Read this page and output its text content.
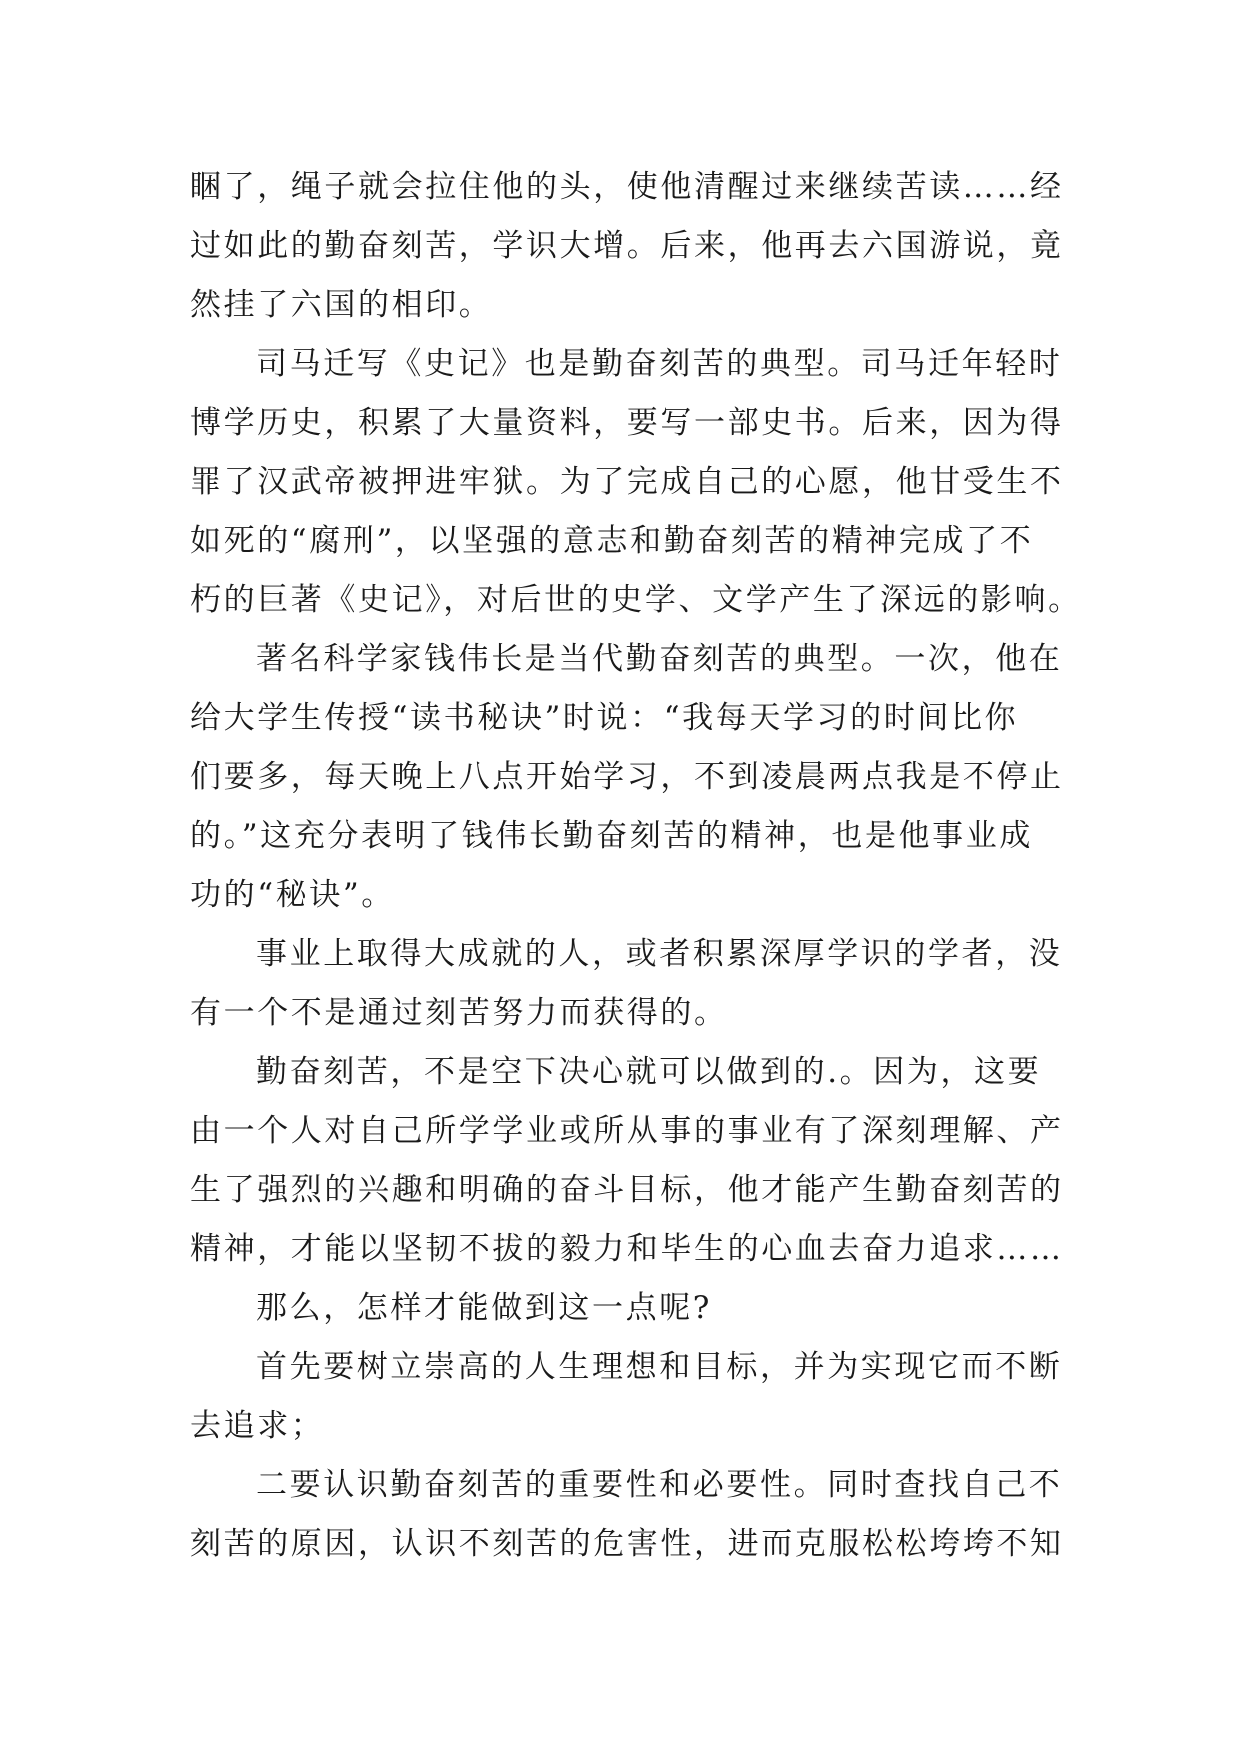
睏了，绳子就会拉住他的头，使他清醒过来继续苦读……经
过如此的勤奋刻苦，学识大增。后来，他再去六国游说，竟
然挂了六国的相印。
司马迁写《史记》也是勤奋刻苦的典型。司马迁年轻时
博学历史，积累了大量资料，要写一部史书。后来，因为得
罪了汉武帝被押进牢狱。为了完成自己的心愿，他甘受生不
如死的“腐刑”，以坚强的意志和勤奋刻苦的精神完成了不
朽的巨著《史记》，对后世的史学、文学产生了深远的影响。
著名科学家钱伟长是当代勤奋刻苦的典型。一次，他在
给大学生传授“读书秘诀”时说：“我每天学习的时间比你
们要多，每天晚上八点开始学习，不到凌晨两点我是不停止
的。”这充分表明了钱伟长勤奋刻苦的精神，也是他事业成
功的“秘诀”。
事业上取得大成就的人，或者积累深厚学识的学者，没
有一个不是通过刻苦努力而获得的。
勤奋刻苦，不是空下决心就可以做到的.。因为，这要
由一个人对自己所学学业或所从事的事业有了深刻理解、产
生了强烈的兴趣和明确的奋斗目标，他才能产生勤奋刻苦的
精神，才能以坚韧不拔的毅力和毕生的心血去奋力追求……
那么，怎样才能做到这一点呢?
首先要树立崇高的人生理想和目标，并为实现它而不断
去追求；
二要认识勤奋刻苦的重要性和必要性。同时查找自己不
刻苦的原因，认识不刻苦的危害性，进而克服松松垮垮不知
